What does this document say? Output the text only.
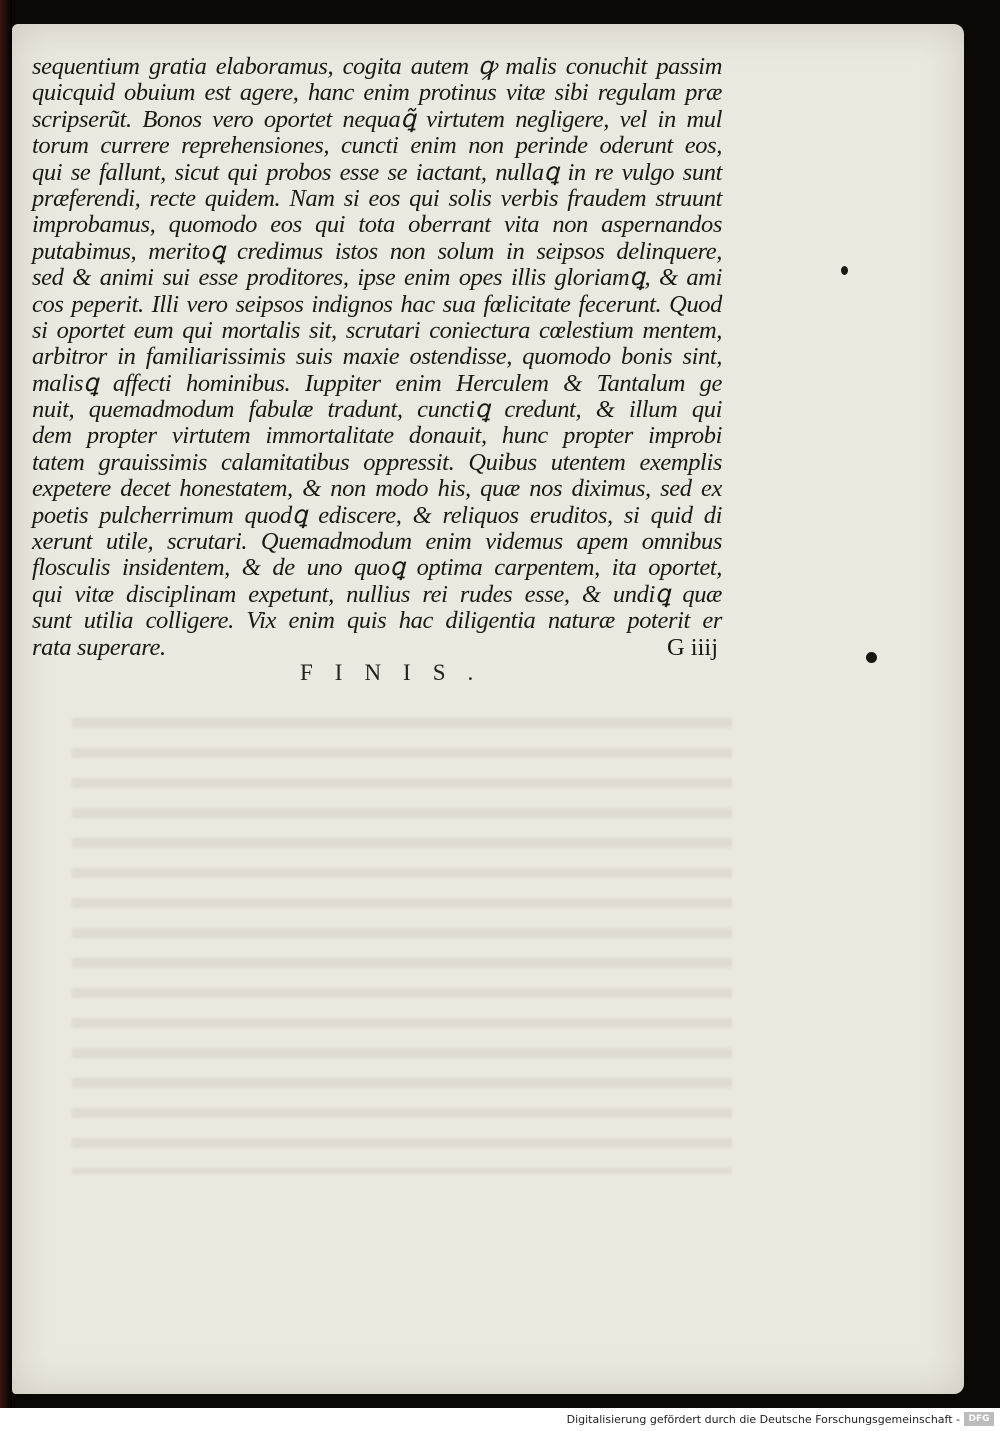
sequentium gratia elaboramus, cogita autem ꝙ malis conuchit passim
quicquid obuium est agere, hanc enim protinus vitæ sibi regulam præ
scripserũt. Bonos vero oportet nequaꝗ̃ virtutem negligere, vel in mul
torum currere reprehensiones, cuncti enim non perinde oderunt eos,
qui se fallunt, sicut qui probos esse se iactant, nullaꝗ in re vulgo sunt
præferendi, recte quidem. Nam si eos qui solis verbis fraudem struunt
improbamus, quomodo eos qui tota oberrant vita non aspernandos
putabimus, meritoꝗ credimus istos non solum in seipsos delinquere,
sed & animi sui esse proditores, ipse enim opes illis gloriamꝗ, & ami
cos peperit. Illi vero seipsos indignos hac sua fœlicitate fecerunt. Quod
si oportet eum qui mortalis sit, scrutari coniectura cœlestium mentem,
arbitror in familiarissimis suis maxie ostendisse, quomodo bonis sint,
malisꝗ affecti hominibus. Iuppiter enim Herculem & Tantalum ge
nuit, quemadmodum fabulæ tradunt, cunctiꝗ credunt, & illum qui
dem propter virtutem immortalitate donauit, hunc propter improbi
tatem grauissimis calamitatibus oppressit. Quibus utentem exemplis
expetere decet honestatem, & non modo his, quæ nos diximus, sed ex
poetis pulcherrimum quodꝗ ediscere, & reliquos eruditos, si quid di
xerunt utile, scrutari. Quemadmodum enim videmus apem omnibus
flosculis insidentem, & de uno quoꝗ optima carpentem, ita oportet,
qui vitæ disciplinam expetunt, nullius rei rudes esse, & undiꝗ quæ
sunt utilia colligere. Vix enim quis hac diligentia naturæ poterit er
rata superare.	G iiij
FINIS.
Digitalisierung gefördert durch die Deutsche Forschungsgemeinschaft - DFG
